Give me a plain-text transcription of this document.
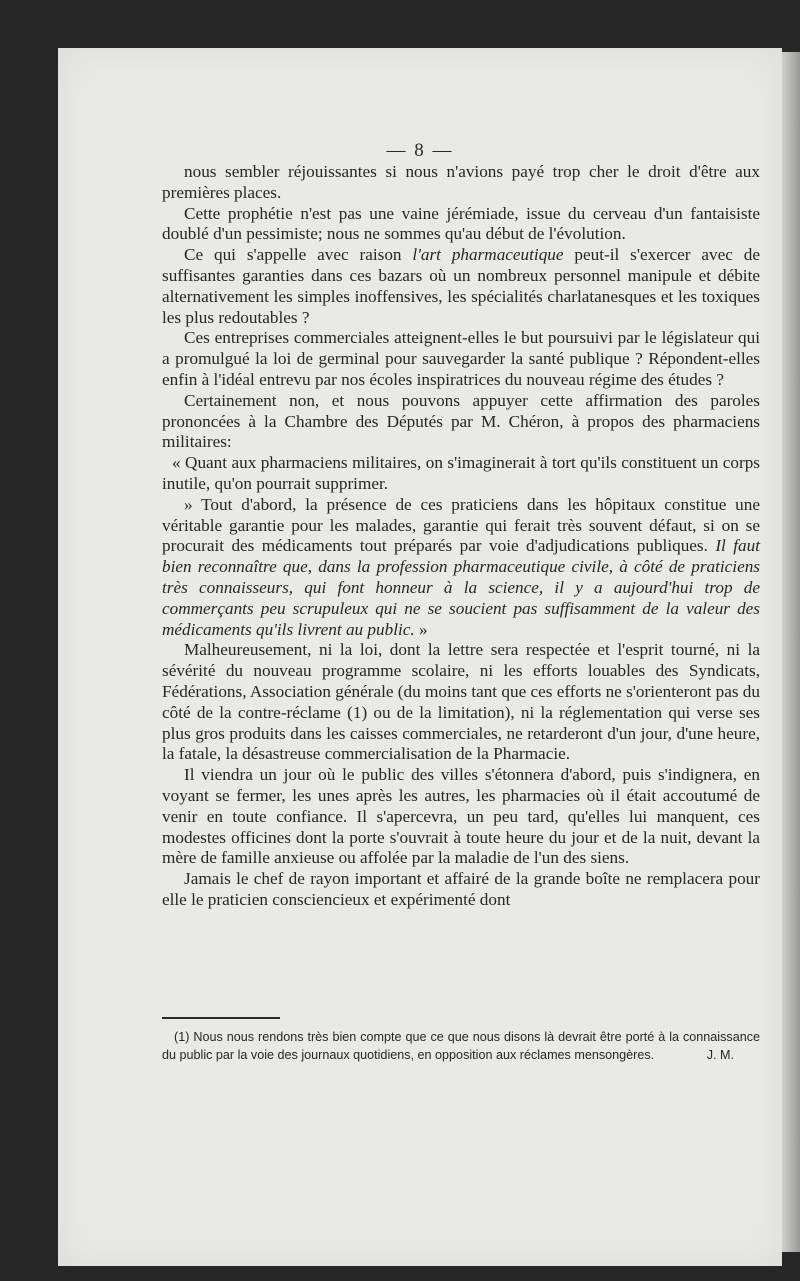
— 8 —

nous sembler réjouissantes si nous n'avions payé trop cher le droit d'être aux premières places.

Cette prophétie n'est pas une vaine jérémiade, issue du cerveau d'un fantaisiste doublé d'un pessimiste; nous ne sommes qu'au début de l'évolution.

Ce qui s'appelle avec raison l'art pharmaceutique peut-il s'exercer avec de suffisantes garanties dans ces bazars où un nombreux personnel manipule et débite alternativement les simples inoffensives, les spécialités charlatanesques et les toxiques les plus redoutables ?

Ces entreprises commerciales atteignent-elles le but poursuivi par le législateur qui a promulgué la loi de germinal pour sauvegarder la santé publique ? Répondent-elles enfin à l'idéal entrevu par nos écoles inspiratrices du nouveau régime des études ?

Certainement non, et nous pouvons appuyer cette affirmation des paroles prononcées à la Chambre des Députés par M. Chéron, à propos des pharmaciens militaires:

« Quant aux pharmaciens militaires, on s'imaginerait à tort qu'ils constituent un corps inutile, qu'on pourrait supprimer.

» Tout d'abord, la présence de ces praticiens dans les hôpitaux constitue une véritable garantie pour les malades, garantie qui ferait très souvent défaut, si on se procurait des médicaments tout préparés par voie d'adjudications publiques. Il faut bien reconnaître que, dans la profession pharmaceutique civile, à côté de praticiens très connaisseurs, qui font honneur à la science, il y a aujourd'hui trop de commerçants peu scrupuleux qui ne se soucient pas suffisamment de la valeur des médicaments qu'ils livrent au public. »

Malheureusement, ni la loi, dont la lettre sera respectée et l'esprit tourné, ni la sévérité du nouveau programme scolaire, ni les efforts louables des Syndicats, Fédérations, Association générale (du moins tant que ces efforts ne s'orienteront pas du côté de la contre-réclame (1) ou de la limitation), ni la réglementation qui verse ses plus gros produits dans les caisses commerciales, ne retarderont d'un jour, d'une heure, la fatale, la désastreuse commercialisation de la Pharmacie.

Il viendra un jour où le public des villes s'étonnera d'abord, puis s'indignera, en voyant se fermer, les unes après les autres, les pharmacies où il était accoutumé de venir en toute confiance. Il s'apercevra, un peu tard, qu'elles lui manquent, ces modestes officines dont la porte s'ouvrait à toute heure du jour et de la nuit, devant la mère de famille anxieuse ou affolée par la maladie de l'un des siens.

Jamais le chef de rayon important et affairé de la grande boîte ne remplacera pour elle le praticien consciencieux et expérimenté dont

(1) Nous nous rendons très bien compte que ce que nous disons là devrait être porté à la connaissance du public par la voie des journaux quotidiens, en opposition aux réclames mensongères.	J. M.
